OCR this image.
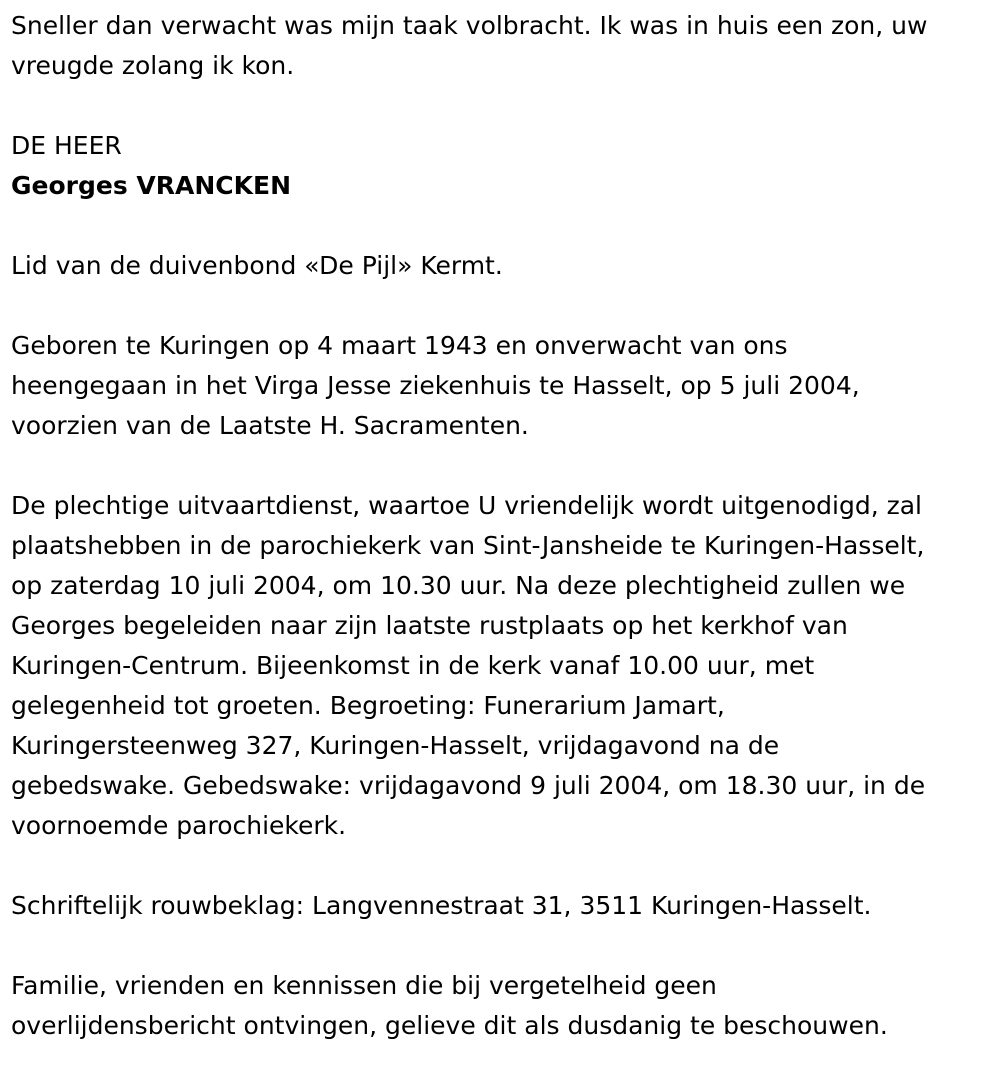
Sneller dan verwacht was mijn taak volbracht. Ik was in huis een zon, uw
vreugde zolang ik kon.
DE HEER
Georges VRANCKEN
Lid van de duivenbond «De Pijl» Kermt.
Geboren te Kuringen op 4 maart 1943 en onverwacht van ons
heengegaan in het Virga Jesse ziekenhuis te Hasselt, op 5 juli 2004,
voorzien van de Laatste H. Sacramenten.
De plechtige uitvaartdienst, waartoe U vriendelijk wordt uitgenodigd, zal
plaatshebben in de parochiekerk van Sint-Jansheide te Kuringen-Hasselt,
op zaterdag 10 juli 2004, om 10.30 uur. Na deze plechtigheid zullen we
Georges begeleiden naar zijn laatste rustplaats op het kerkhof van
Kuringen-Centrum. Bijeenkomst in de kerk vanaf 10.00 uur, met
gelegenheid tot groeten. Begroeting: Funerarium Jamart,
Kuringersteenweg 327, Kuringen-Hasselt, vrijdagavond na de
gebedswake. Gebedswake: vrijdagavond 9 juli 2004, om 18.30 uur, in de
voornoemde parochiekerk.
Schriftelijk rouwbeklag: Langvennestraat 31, 3511 Kuringen-Hasselt.
Familie, vrienden en kennissen die bij vergetelheid geen
overlijdensbericht ontvingen, gelieve dit als dusdanig te beschouwen.
